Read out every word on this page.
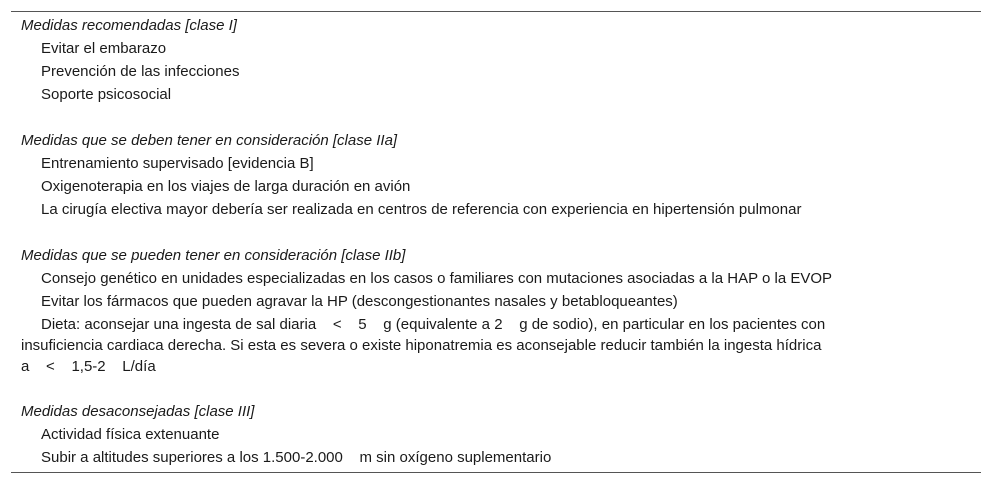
Medidas recomendadas [clase I]
Evitar el embarazo
Prevención de las infecciones
Soporte psicosocial
Medidas que se deben tener en consideración [clase IIa]
Entrenamiento supervisado [evidencia B]
Oxigenoterapia en los viajes de larga duración en avión
La cirugía electiva mayor debería ser realizada en centros de referencia con experiencia en hipertensión pulmonar
Medidas que se pueden tener en consideración [clase IIb]
Consejo genético en unidades especializadas en los casos o familiares con mutaciones asociadas a la HAP o la EVOP
Evitar los fármacos que pueden agravar la HP (descongestionantes nasales y betabloqueantes)
Dieta: aconsejar una ingesta de sal diaria    <    5    g (equivalente a 2    g de sodio), en particular en los pacientes con
insuficiencia cardiaca derecha. Si esta es severa o existe hiponatremia es aconsejable reducir también la ingesta hídrica
a    <    1,5-2    L/día
Medidas desaconsejadas [clase III]
Actividad física extenuante
Subir a altitudes superiores a los 1.500-2.000    m sin oxígeno suplementario
